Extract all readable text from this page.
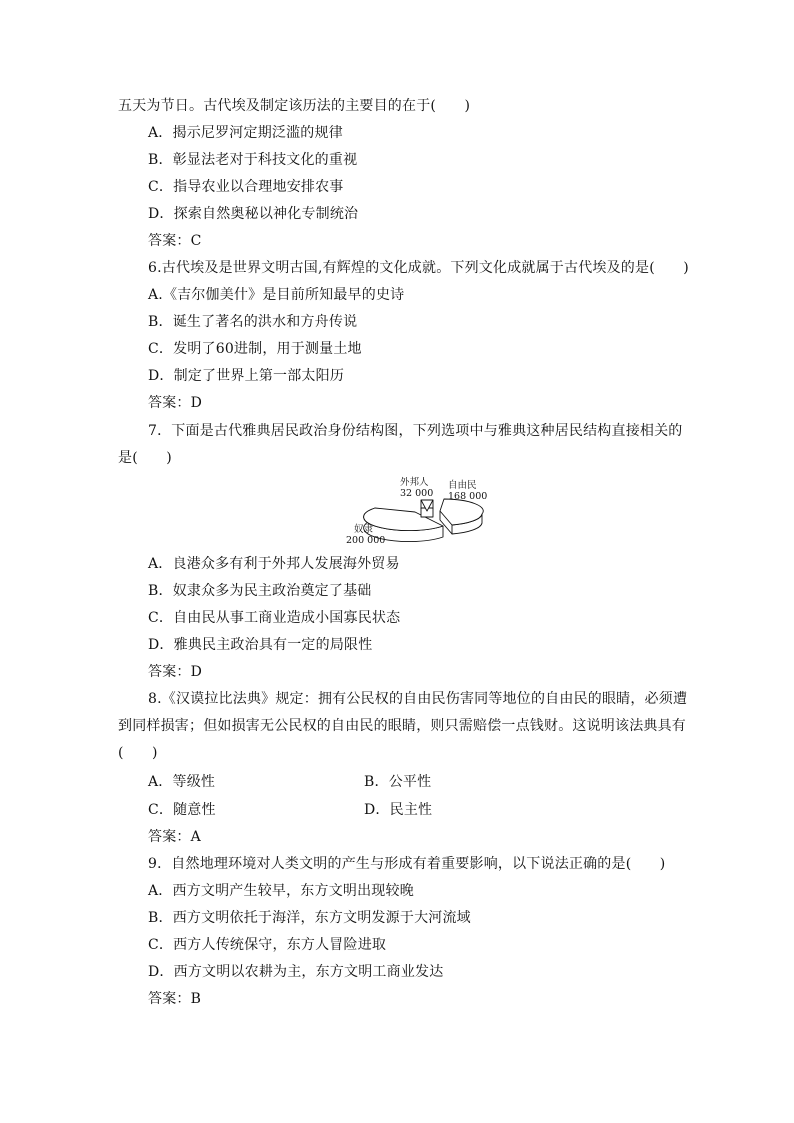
五天为节日。古代埃及制定该历法的主要目的在于(　　)
A．揭示尼罗河定期泛滥的规律
B．彰显法老对于科技文化的重视
C．指导农业以合理地安排农事
D．探索自然奥秘以神化专制统治
答案：C
6.古代埃及是世界文明古国,有辉煌的文化成就。下列文化成就属于古代埃及的是(　　)
A.《吉尔伽美什》是目前所知最早的史诗
B．诞生了著名的洪水和方舟传说
C．发明了60进制，用于测量土地
D．制定了世界上第一部太阳历
答案：D
7．下面是古代雅典居民政治身份结构图，下列选项中与雅典这种居民结构直接相关的
是(　　)
外邦人
32 000
自由民
168 000
奴隶
200 000
A．良港众多有利于外邦人发展海外贸易
B．奴隶众多为民主政治奠定了基础
C．自由民从事工商业造成小国寡民状态
D．雅典民主政治具有一定的局限性
答案：D
8.《汉谟拉比法典》规定：拥有公民权的自由民伤害同等地位的自由民的眼睛，必须遭
到同样损害；但如损害无公民权的自由民的眼睛，则只需赔偿一点钱财。这说明该法典具有
(　　)
A．等级性	B．公平性
C．随意性	D．民主性
答案：A
9．自然地理环境对人类文明的产生与形成有着重要影响，以下说法正确的是(　　)
A．西方文明产生较早，东方文明出现较晚
B．西方文明依托于海洋，东方文明发源于大河流域
C．西方人传统保守，东方人冒险进取
D．西方文明以农耕为主，东方文明工商业发达
答案：B
